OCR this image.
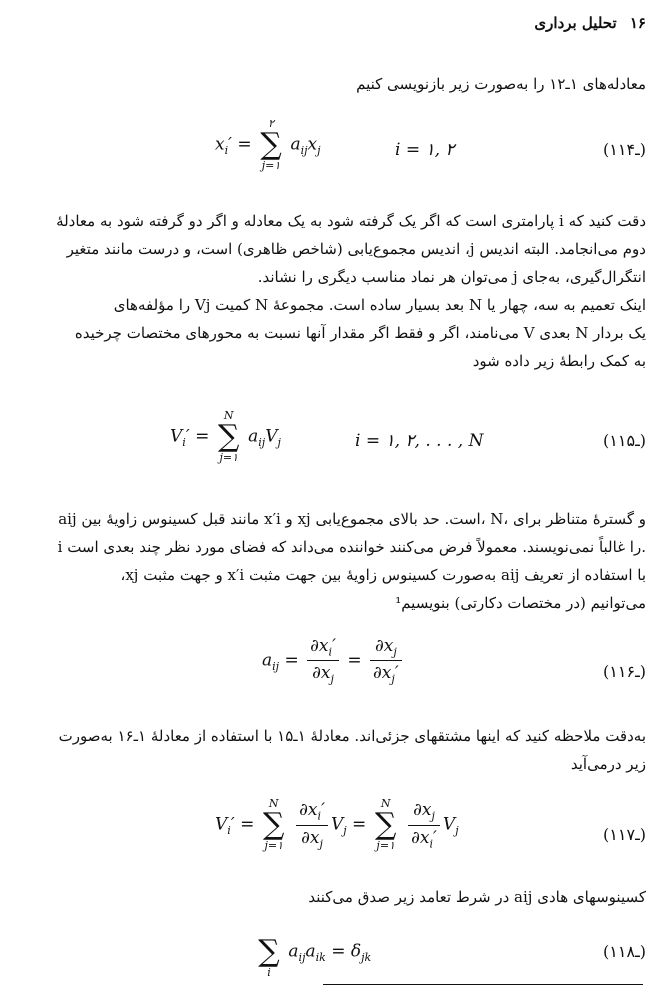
۱۶ تحلیل برداری
معادله‌های ۱ـ۱۲ را به‌صورت زیر بازنویسی کنیم
$x_i'$ =
۲
∑
j=۱
$a_{ij}x_j$	i = ۱, ۲	(۱ـ۱۴)
دقت کنید که i پارامتری است که اگر یک گرفته شود به یک معادله و اگر دو گرفته شود به معادلهٔ
دوم می‌انجامد. البته اندیس j، اندیس مجموع‌یابی (شاخص ظاهری) است، و درست مانند متغیر
انتگرال‌گیری، به‌جای j می‌توان هر نماد مناسب دیگری را نشاند.
اینک تعمیم به سه، چهار یا N بعد بسیار ساده است. مجموعهٔ N کمیت Vj را مؤلفه‌های
یک بردار N بعدی V می‌نامند، اگر و فقط اگر مقدار آنها نسبت به محورهای مختصات چرخیده
به کمک رابطهٔ زیر داده شود
$V_i'$ =
N
∑
j=۱
$a_{ij}V_j$	i = ۱, ۲, . . . , N	(۱ـ۱۵)
aij مانند قبل کسینوس زاویهٔ بین x′i و xj است. حد بالای مجموع‌یابی، N، و گسترهٔ متناظر برای
i را غالباً نمی‌نویسند. معمولاً فرض می‌کنند خواننده می‌داند که فضای مورد نظر چند بعدی است.
با استفاده از تعریف aij به‌صورت کسینوس زاویهٔ بین جهت مثبت x′i و جهت مثبت xj،
می‌توانیم (در مختصات دکارتی) بنویسیم¹
$a_{ij} = \frac{\partial x_i'}{\partial x_j} = \frac{\partial x_j}{\partial x_j'}$	(۱ـ۱۶)
به‌دقت ملاحظه کنید که اینها مشتقهای جزئی‌اند. معادلهٔ ۱ـ۱۵ با استفاده از معادلهٔ ۱ـ۱۶ به‌صورت
زیر درمی‌آید
$V_i'$ =
N
∑
j=۱
$\frac{\partial x_i'}{\partial x_j} V_j$ =
N
∑
j=۱
$\frac{\partial x_j}{\partial x_i'} V_j$	(۱ـ۱۷)
کسینوسهای هادی aij در شرط تعامد زیر صدق می‌کنند

∑
i
$a_{ij}a_{ik} = \delta_{jk}$	(۱ـ۱۸)
